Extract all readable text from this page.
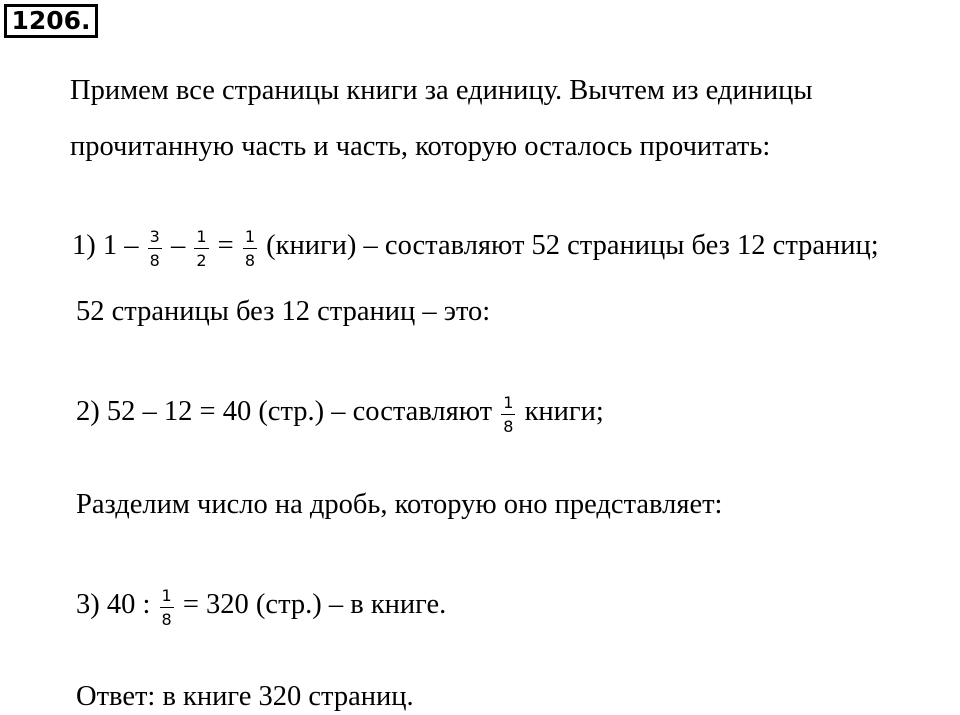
1206.
Примем все страницы книги за единицу. Вычтем из единицы
прочитанную часть и часть, которую осталось прочитать:
1) $1 - \frac{3}{8} - \frac{1}{2} = \frac{1}{8}$ (книги) – составляют 52 страницы без 12 страниц;
52 страницы без 12 страниц – это:
2) 52 – 12 = 40 (стр.) – составляют $\frac{1}{8}$ книги;
Разделим число на дробь, которую оно представляет:
3) 40 : $\frac{1}{8} = 320$ (стр.) – в книге.
Ответ: в книге 320 страниц.
